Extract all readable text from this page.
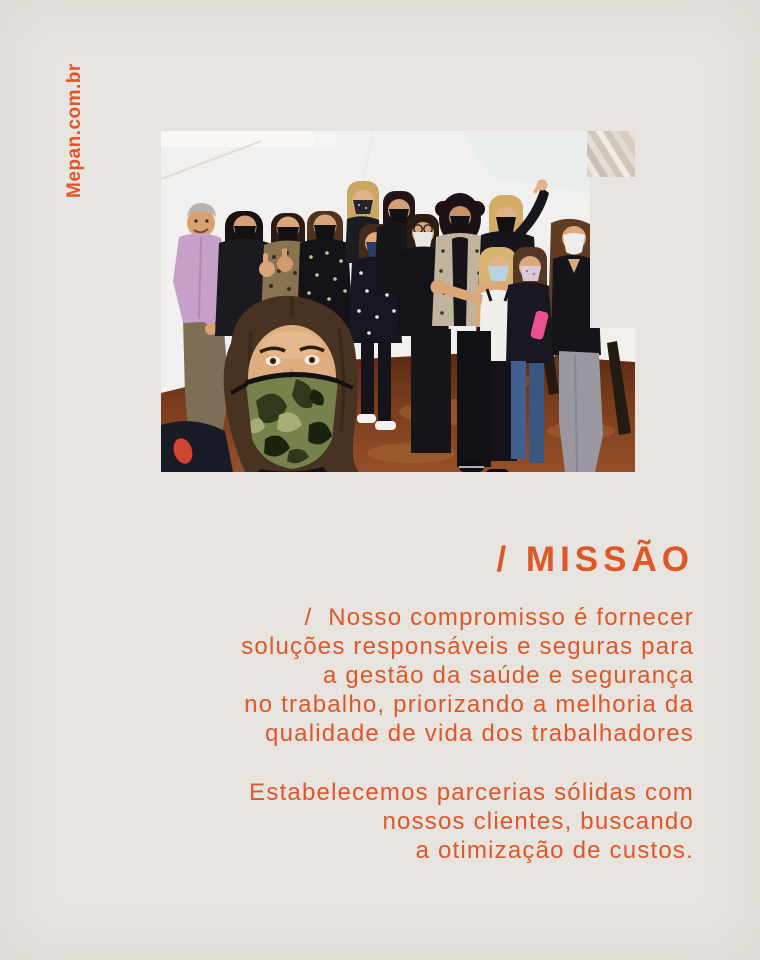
Mepan.com.br
/ MISSÃO
/  Nosso compromisso é fornecer
soluções responsáveis e seguras para
a gestão da saúde e segurança
no trabalho, priorizando a melhoria da
qualidade de vida dos trabalhadores
Estabelecemos parcerias sólidas com
nossos clientes, buscando
a otimização de custos.
